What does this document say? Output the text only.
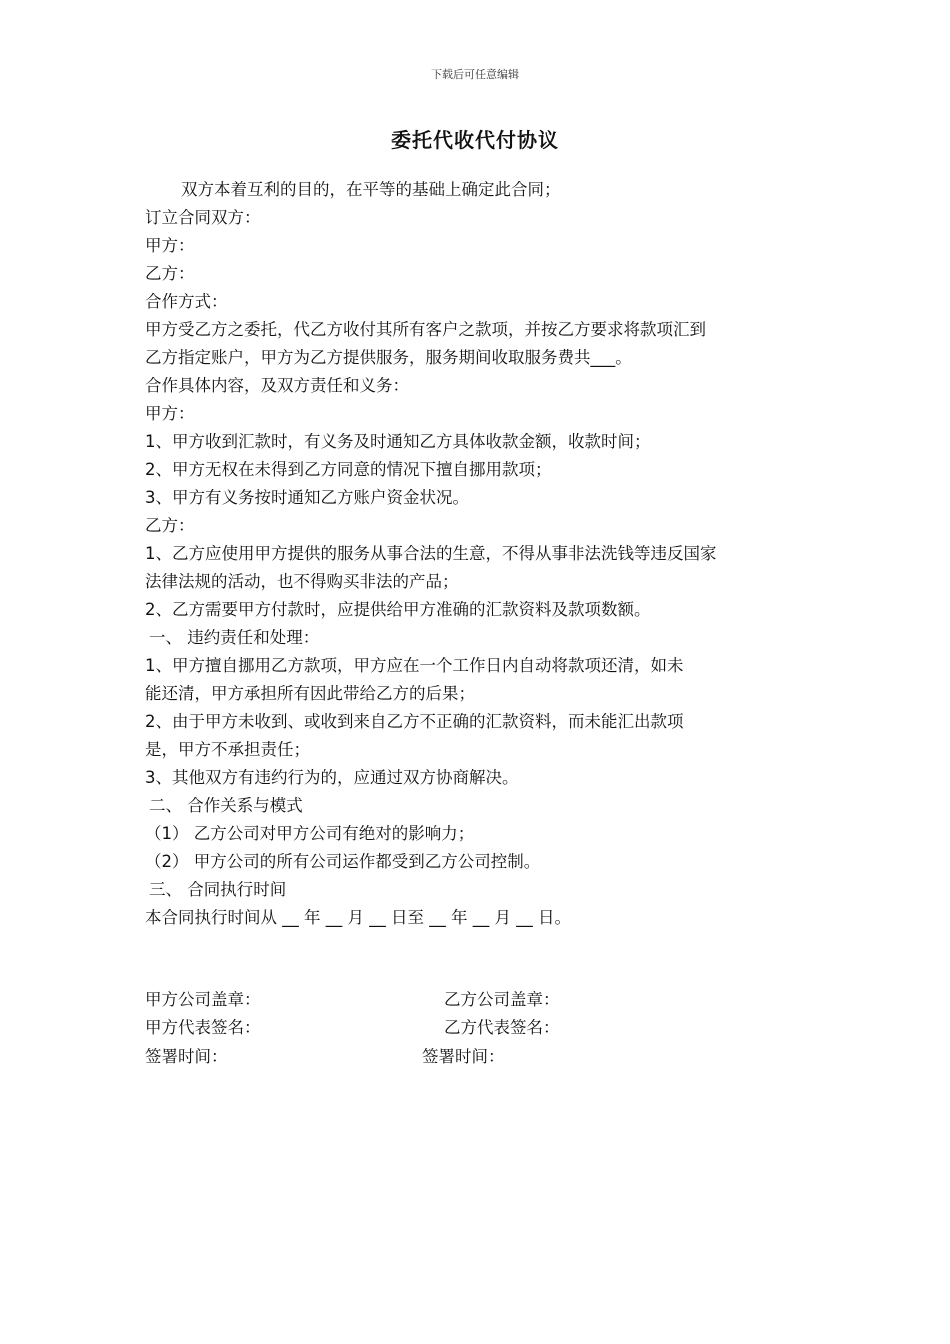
下载后可任意编辑
委托代收代付协议
双方本着互利的目的，在平等的基础上确定此合同；
订立合同双方：
甲方：
乙方：
合作方式：
甲方受乙方之委托，代乙方收付其所有客户之款项，并按乙方要求将款项汇到
乙方指定账户，甲方为乙方提供服务，服务期间收取服务费共___。
合作具体内容，及双方责任和义务：
甲方：
1、甲方收到汇款时，有义务及时通知乙方具体收款金额，收款时间；
2、甲方无权在未得到乙方同意的情况下擅自挪用款项；
3、甲方有义务按时通知乙方账户资金状况。
乙方：
1、乙方应使用甲方提供的服务从事合法的生意，不得从事非法洗钱等违反国家
法律法规的活动，也不得购买非法的产品；
2、乙方需要甲方付款时，应提供给甲方准确的汇款资料及款项数额。
一、 违约责任和处理：
1、甲方擅自挪用乙方款项，甲方应在一个工作日内自动将款项还清，如未
能还清，甲方承担所有因此带给乙方的后果；
2、由于甲方未收到、或收到来自乙方不正确的汇款资料，而未能汇出款项
是，甲方不承担责任；
3、其他双方有违约行为的，应通过双方协商解决。
二、 合作关系与模式
（1） 乙方公司对甲方公司有绝对的影响力；
（2） 甲方公司的所有公司运作都受到乙方公司控制。
三、 合同执行时间
本合同执行时间从 __ 年 __ 月 __ 日至 __ 年 __ 月 __ 日。
甲方公司盖章：	乙方公司盖章：
甲方代表签名：	乙方代表签名：
签署时间：	签署时间：
